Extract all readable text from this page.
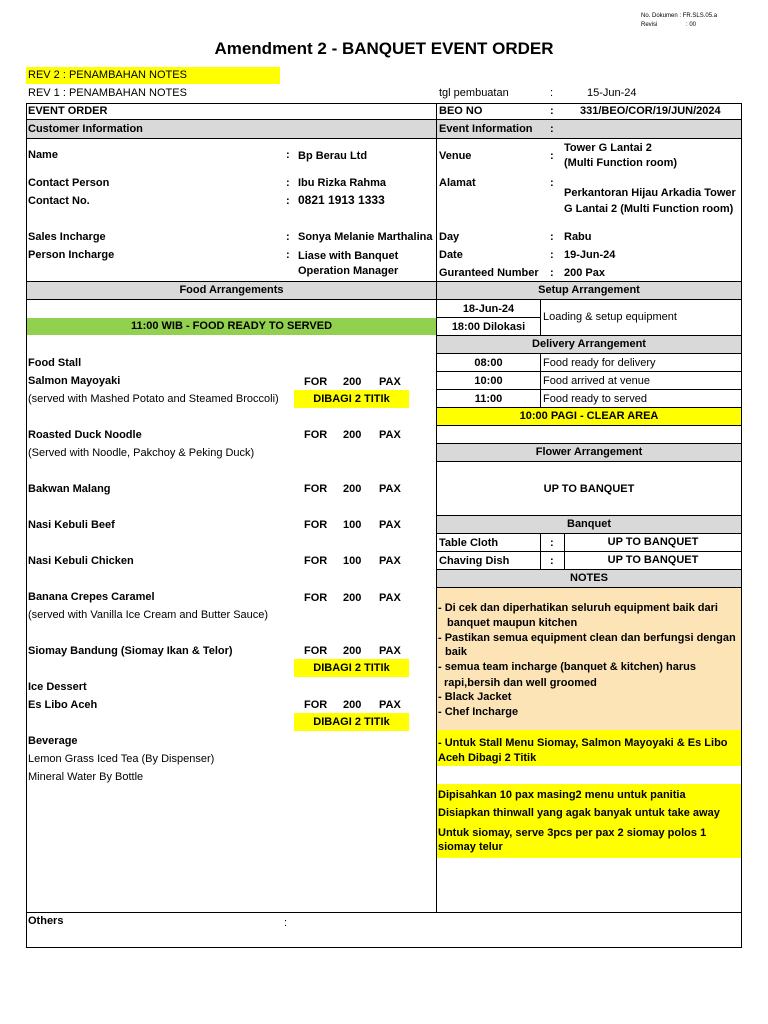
No. Dokumen : FR.SLS.05.a
Revisi	: 00
Amendment 2 - BANQUET EVENT ORDER
REV 2 : PENAMBAHAN NOTES
REV 1 : PENAMBAHAN NOTES	tgl pembuatan	:	15-Jun-24
EVENT ORDER	BEO NO	: 331/BEO/COR/19/JUN/2024
Customer Information	Event Information :
Name	: Bp Berau Ltd
Contact Person	: Ibu Rizka Rahma
Contact No.	: 0821 1913 1333
Sales Incharge	: Sonya Melanie Marthalina
Person Incharge	: Liase with Banquet
Operation Manager
Venue	:
Tower G Lantai 2
(Multi Function room)
Alamat	:
Perkantoran Hijau Arkadia Tower
G Lantai 2 (Multi Function room)
Day	: Rabu
Date	: 19-Jun-24
Guranteed Number : 200 Pax
Food Arrangements	Setup Arrangement
18-Jun-24
18:00 Dilokasi
Loading & setup equipment
11:00 WIB - FOOD READY TO SERVED
Delivery Arrangement
08:00	Food ready for delivery
10:00	Food arrived at venue
11:00	Food ready to served
10:00 PAGI - CLEAR AREA
Flower Arrangement
UP TO BANQUET
Banquet
Table Cloth	:	UP TO BANQUET
Chaving Dish	:	UP TO BANQUET
NOTES
- Di cek dan diperhatikan seluruh equipment baik dari
banquet maupun kitchen
- Pastikan semua equipment clean dan berfungsi dengan
baik
- semua team incharge (banquet & kitchen) harus
rapi,bersih dan well groomed
- Black Jacket
- Chef Incharge
- Untuk Stall Menu Siomay, Salmon Mayoyaki & Es Libo
Aceh Dibagi 2 Titik
Dipisahkan 10 pax masing2 menu untuk panitia
Disiapkan thinwall yang agak banyak untuk take away
Untuk siomay, serve 3pcs per pax 2 siomay polos 1
siomay telur
Food Stall
Salmon Mayoyaki	FOR 200 PAX
(served with Mashed Potato and Steamed Broccoli)	DIBAGI 2 TITIk
Roasted Duck Noodle	FOR 200 PAX
(Served with Noodle, Pakchoy & Peking Duck)
Bakwan Malang	FOR 200 PAX
Nasi Kebuli Beef	FOR 100 PAX
Nasi Kebuli Chicken	FOR 100 PAX
Banana Crepes Caramel	FOR 200 PAX
(served with Vanilla Ice Cream and Butter Sauce)
Siomay Bandung (Siomay Ikan & Telor)	FOR 200 PAX
DIBAGI 2 TITIk
Ice Dessert
Es Libo Aceh	FOR 200 PAX
DIBAGI 2 TITIk
Beverage
Lemon Grass Iced Tea (By Dispenser)
Mineral Water By Bottle
Others	:
